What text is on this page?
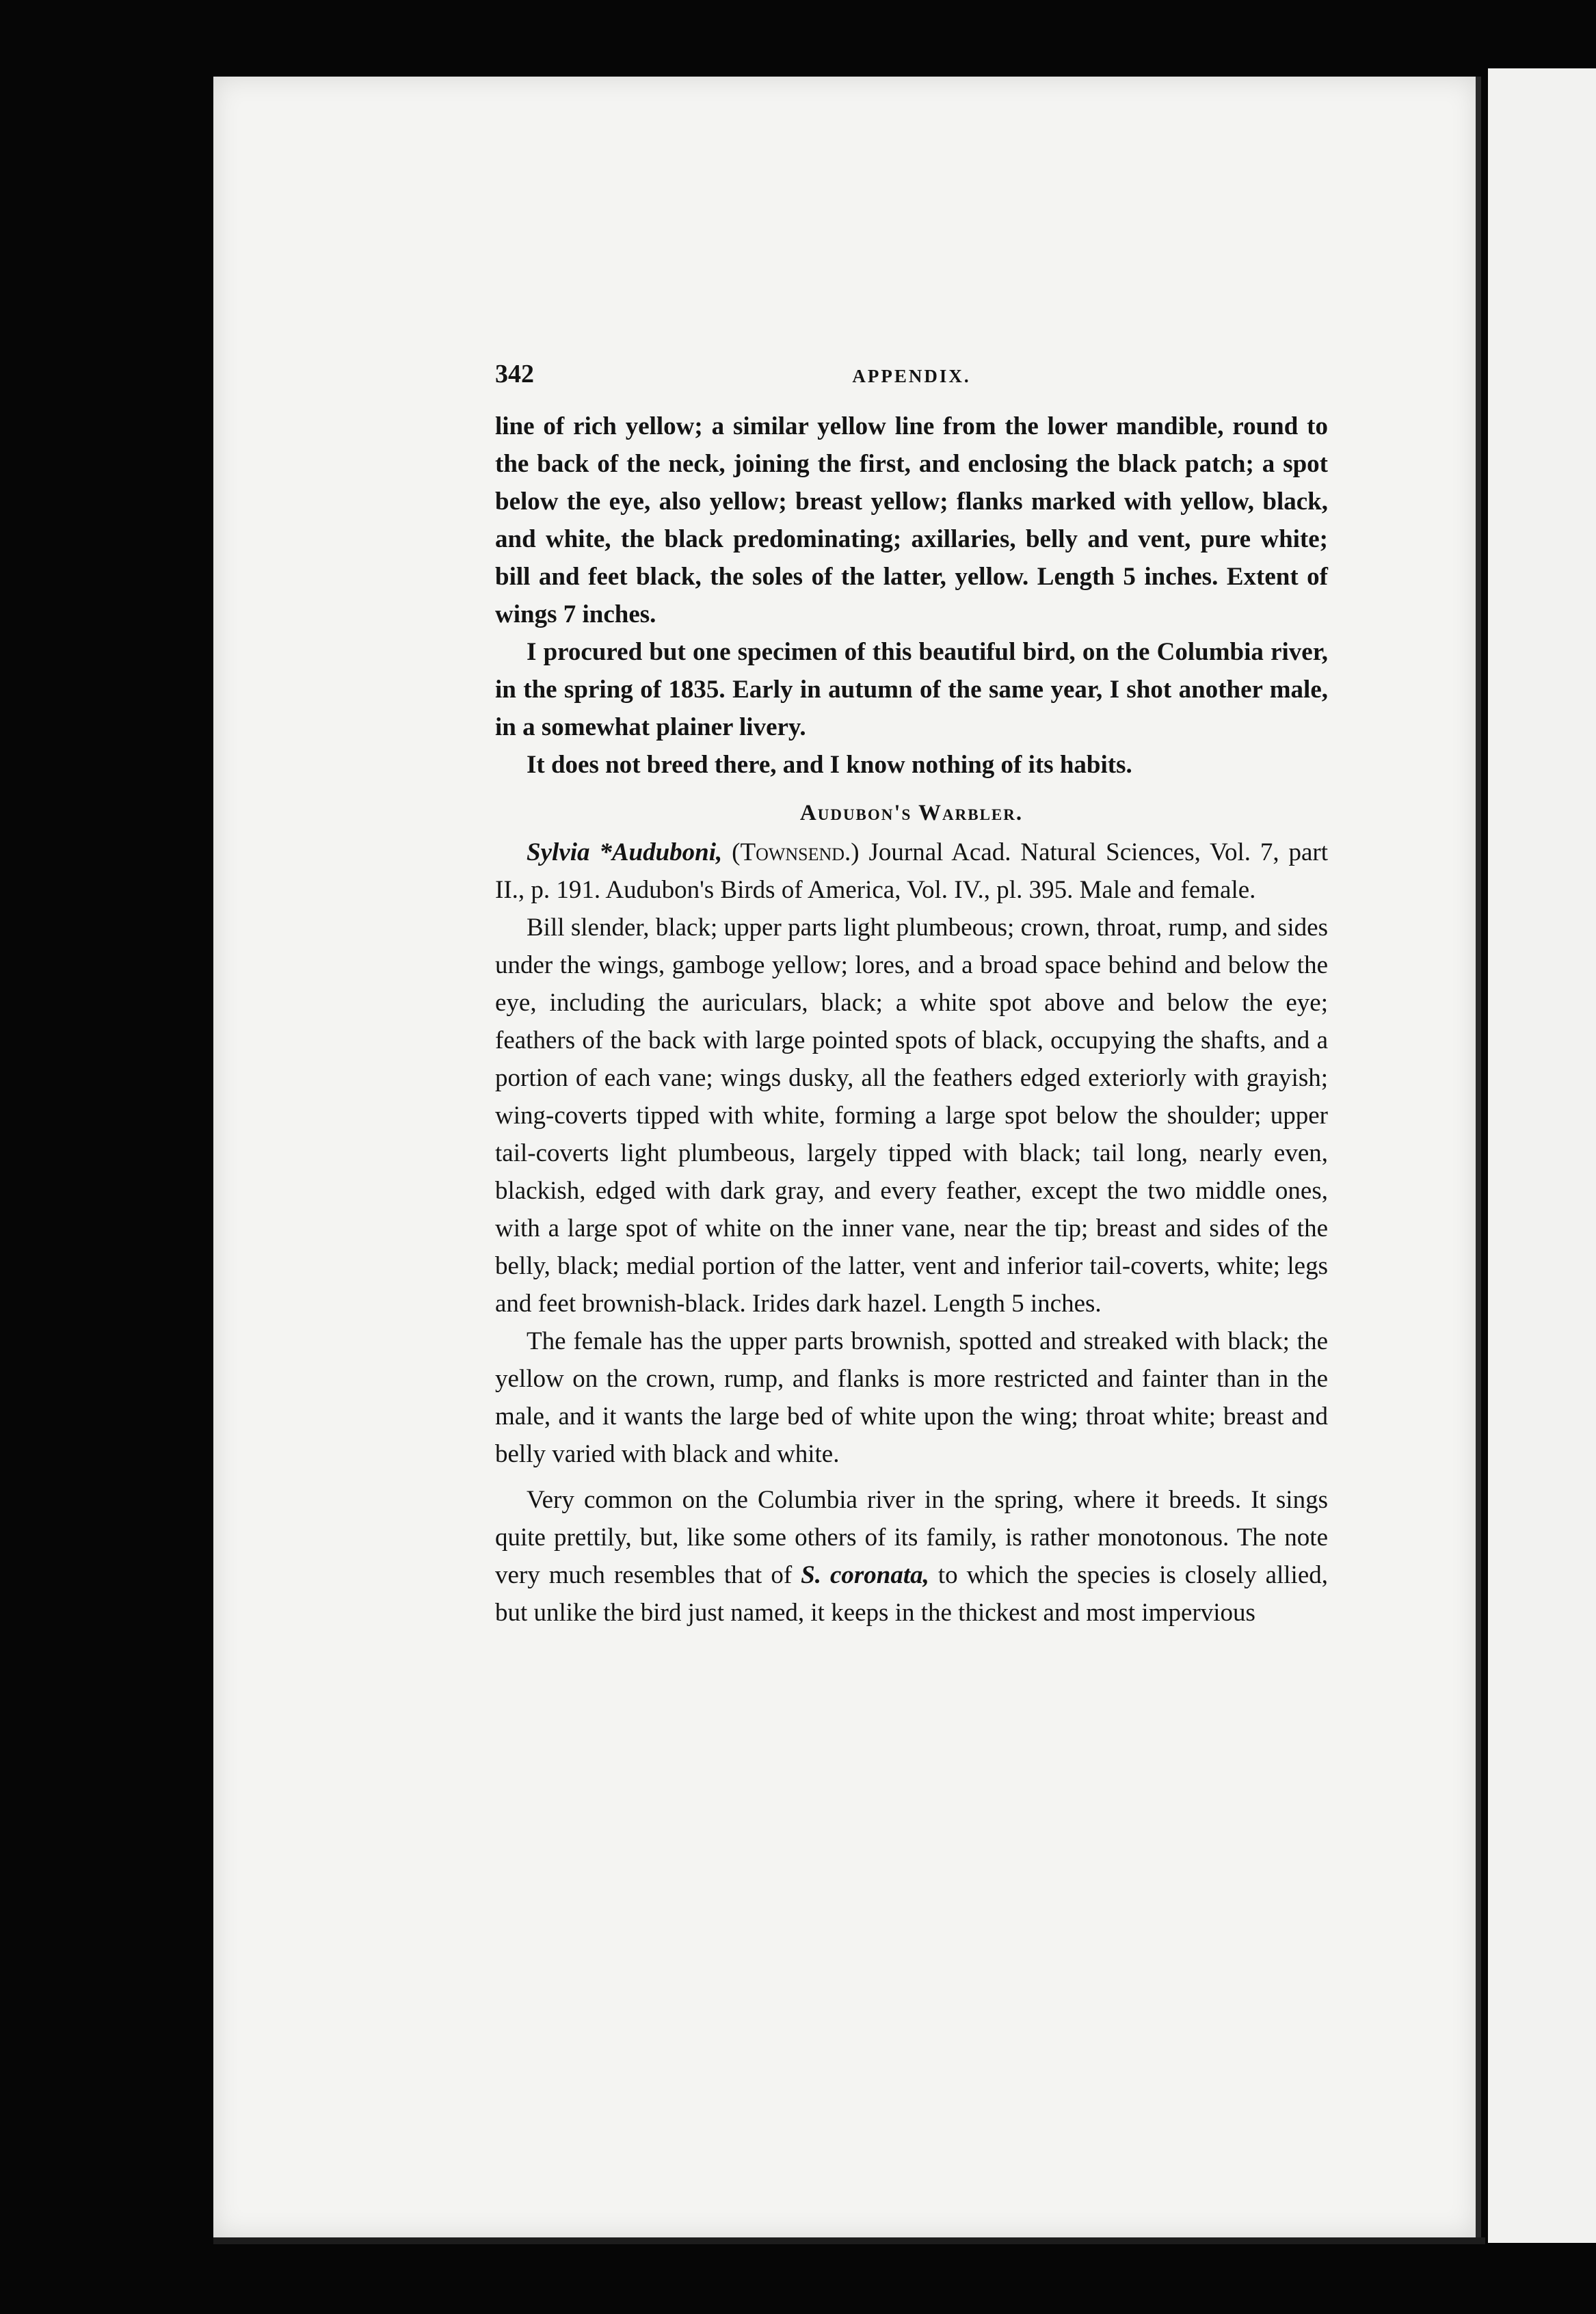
342	APPENDIX.

line of rich yellow; a similar yellow line from the lower mandible, round to the back of the neck, joining the first, and enclosing the black patch; a spot below the eye, also yellow; breast yellow; flanks marked with yellow, black, and white, the black predominating; axillaries, belly and vent, pure white; bill and feet black, the soles of the latter, yellow. Length 5 inches. Extent of wings 7 inches.

I procured but one specimen of this beautiful bird, on the Columbia river, in the spring of 1835. Early in autumn of the same year, I shot another male, in a somewhat plainer livery.

It does not breed there, and I know nothing of its habits.

Audubon's Warbler.

Sylvia *Auduboni, (Townsend.) Journal Acad. Natural Sciences, Vol. 7, part II., p. 191. Audubon's Birds of America, Vol. IV., pl. 395. Male and female.

Bill slender, black; upper parts light plumbeous; crown, throat, rump, and sides under the wings, gamboge yellow; lores, and a broad space behind and below the eye, including the auriculars, black; a white spot above and below the eye; feathers of the back with large pointed spots of black, occupying the shafts, and a portion of each vane; wings dusky, all the feathers edged exteriorly with grayish; wing-coverts tipped with white, forming a large spot below the shoulder; upper tail-coverts light plumbeous, largely tipped with black; tail long, nearly even, blackish, edged with dark gray, and every feather, except the two middle ones, with a large spot of white on the inner vane, near the tip; breast and sides of the belly, black; medial portion of the latter, vent and inferior tail-coverts, white; legs and feet brownish-black. Irides dark hazel. Length 5 inches.

The female has the upper parts brownish, spotted and streaked with black; the yellow on the crown, rump, and flanks is more restricted and fainter than in the male, and it wants the large bed of white upon the wing; throat white; breast and belly varied with black and white.

Very common on the Columbia river in the spring, where it breeds. It sings quite prettily, but, like some others of its family, is rather monotonous. The note very much resembles that of S. coronata, to which the species is closely allied, but unlike the bird just named, it keeps in the thickest and most impervious
